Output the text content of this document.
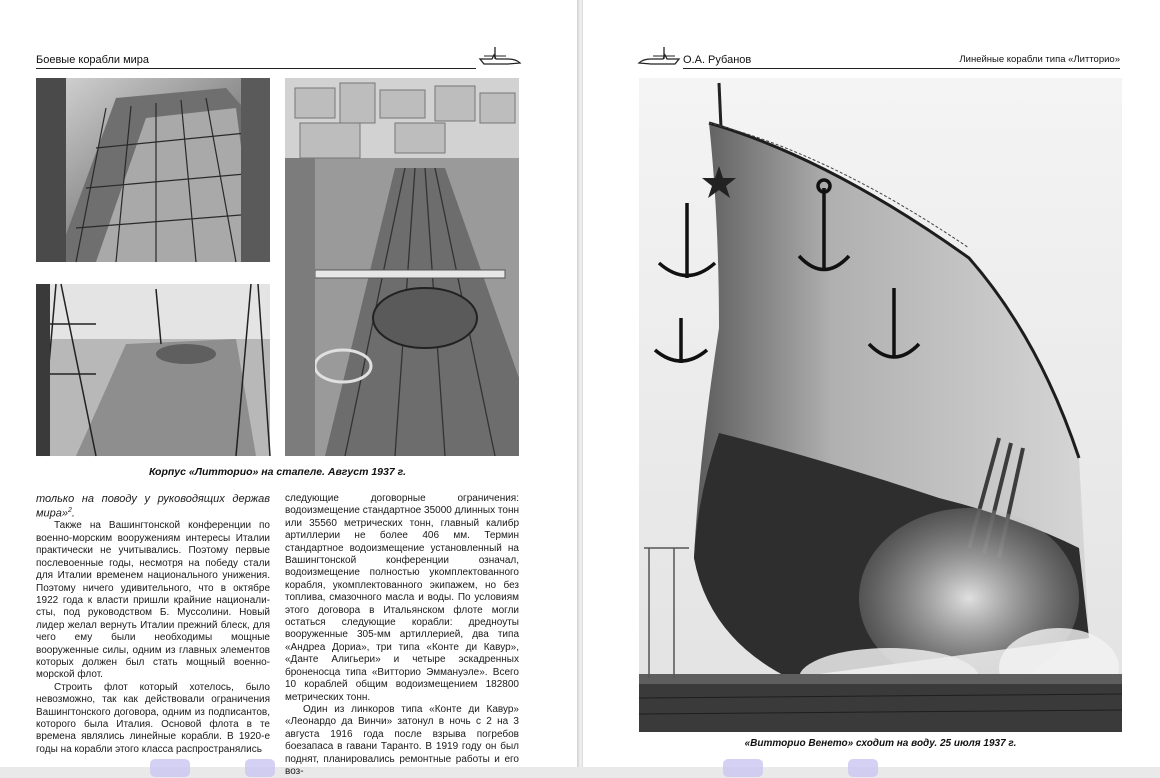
Боевые корабли мира
Корпус «Литторио» на стапеле. Август 1937 г.

только на поводу у руководящих держав мира»$^2$.

Также на Вашингтонской конференции по военно-морским вооружениям интересы Италии практически не учитывались. Поэтому первые послевоенные годы, несмотря на победу стали для Италии временем национального унижения. Поэтому ничего удивительного, что в октябре 1922 года к власти пришли крайние национали-сты, под руководством Б. Муссолини. Новый лидер желал вернуть Италии прежний блеск, для чего ему были необходимы мощные вооруженные силы, одним из главных элементов которых должен был стать мощный военно-морской флот.

Строить флот который хотелось, было невозможно, так как действовали ограничения Вашингтонского договора, одним из подписантов, которого была Италия. Основой флота в те времена являлись линейные корабли. В 1920-е годы на корабли этого класса распространялись

следующие договорные ограничения: водоизмещение стандартное 35000 длинных тонн или 35560 метрических тонн, главный калибр артиллерии не более 406 мм. Термин стандартное водоизмещение установленный на Вашингтонской конференции означал, водоизмещение полностью укомплектованного корабля, укомплектованного экипажем, но без топлива, смазочного масла и воды. По условиям этого договора в Итальянском флоте могли остаться следующие корабли: дредноуты вооруженные 305-мм артиллерией, два типа «Андреа Дориа», три типа «Конте ди Кавур», «Данте Алигьери» и четыре эскадренных броненосца типа «Витторио Эммануэле». Всего 10 кораблей общим водоизмещением 182800 метрических тонн.

Один из линкоров типа «Конте ди Кавур» «Леонардо да Винчи» затонул в ночь с 2 на 3 августа 1916 года после взрыва погребов боезапаса в гавани Таранто. В 1919 году он был поднят, планировались ремонтные работы и его воз-

О.А. Рубанов	Линейные корабли типа «Литторио»
«Витторио Венето» сходит на воду. 25 июля 1937 г.
